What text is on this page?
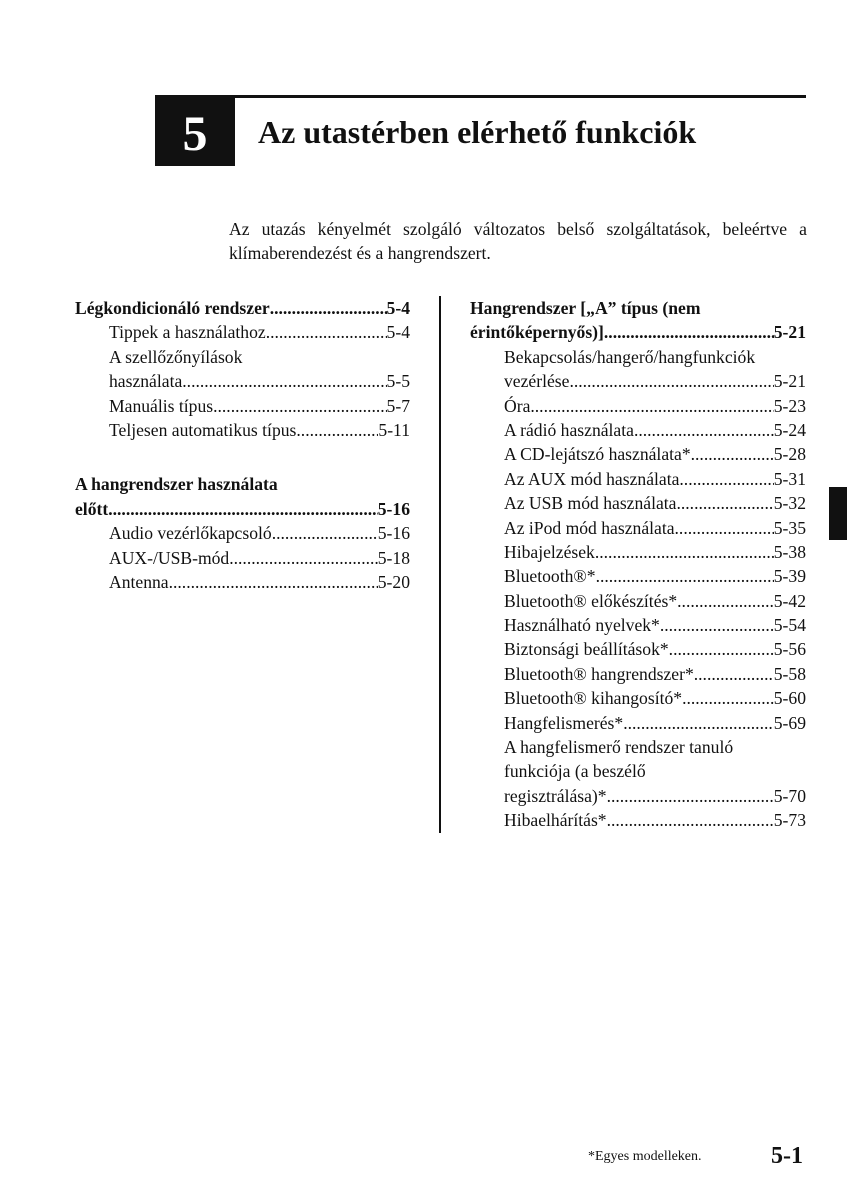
5 Az utastérben elérhető funkciók
Az utazás kényelmét szolgáló változatos belső szolgáltatások, beleértve a klímaberendezést és a hangrendszert.
Légkondicionáló rendszer .....	5-4
Tippek a használathoz .....	5-4
A szellőzőnyílások
használata .....	5-5
Manuális típus .....	5-7
Teljesen automatikus típus .....	5-11
A hangrendszer használata
előtt .....	5-16
Audio vezérlőkapcsoló .....	5-16
AUX-/USB-mód .....	5-18
Antenna .....	5-20
Hangrendszer [„A” típus (nem
érintőképernyős)] .....	5-21
Bekapcsolás/hangerő/hangfunkciók
vezérlése .....	5-21
Óra .....	5-23
A rádió használata .....	5-24
A CD-lejátszó használata* .....	5-28
Az AUX mód használata .....	5-31
Az USB mód használata .....	5-32
Az iPod mód használata .....	5-35
Hibajelzések .....	5-38
Bluetooth®* .....	5-39
Bluetooth® előkészítés* .....	5-42
Használható nyelvek* .....	5-54
Biztonsági beállítások* .....	5-56
Bluetooth® hangrendszer* .....	5-58
Bluetooth® kihangosító* .....	5-60
Hangfelismerés* .....	5-69
A hangfelismerő rendszer tanuló
funkciója (a beszélő
regisztrálása)* .....	5-70
Hibaelhárítás* .....	5-73
*Egyes modelleken.	5-1
